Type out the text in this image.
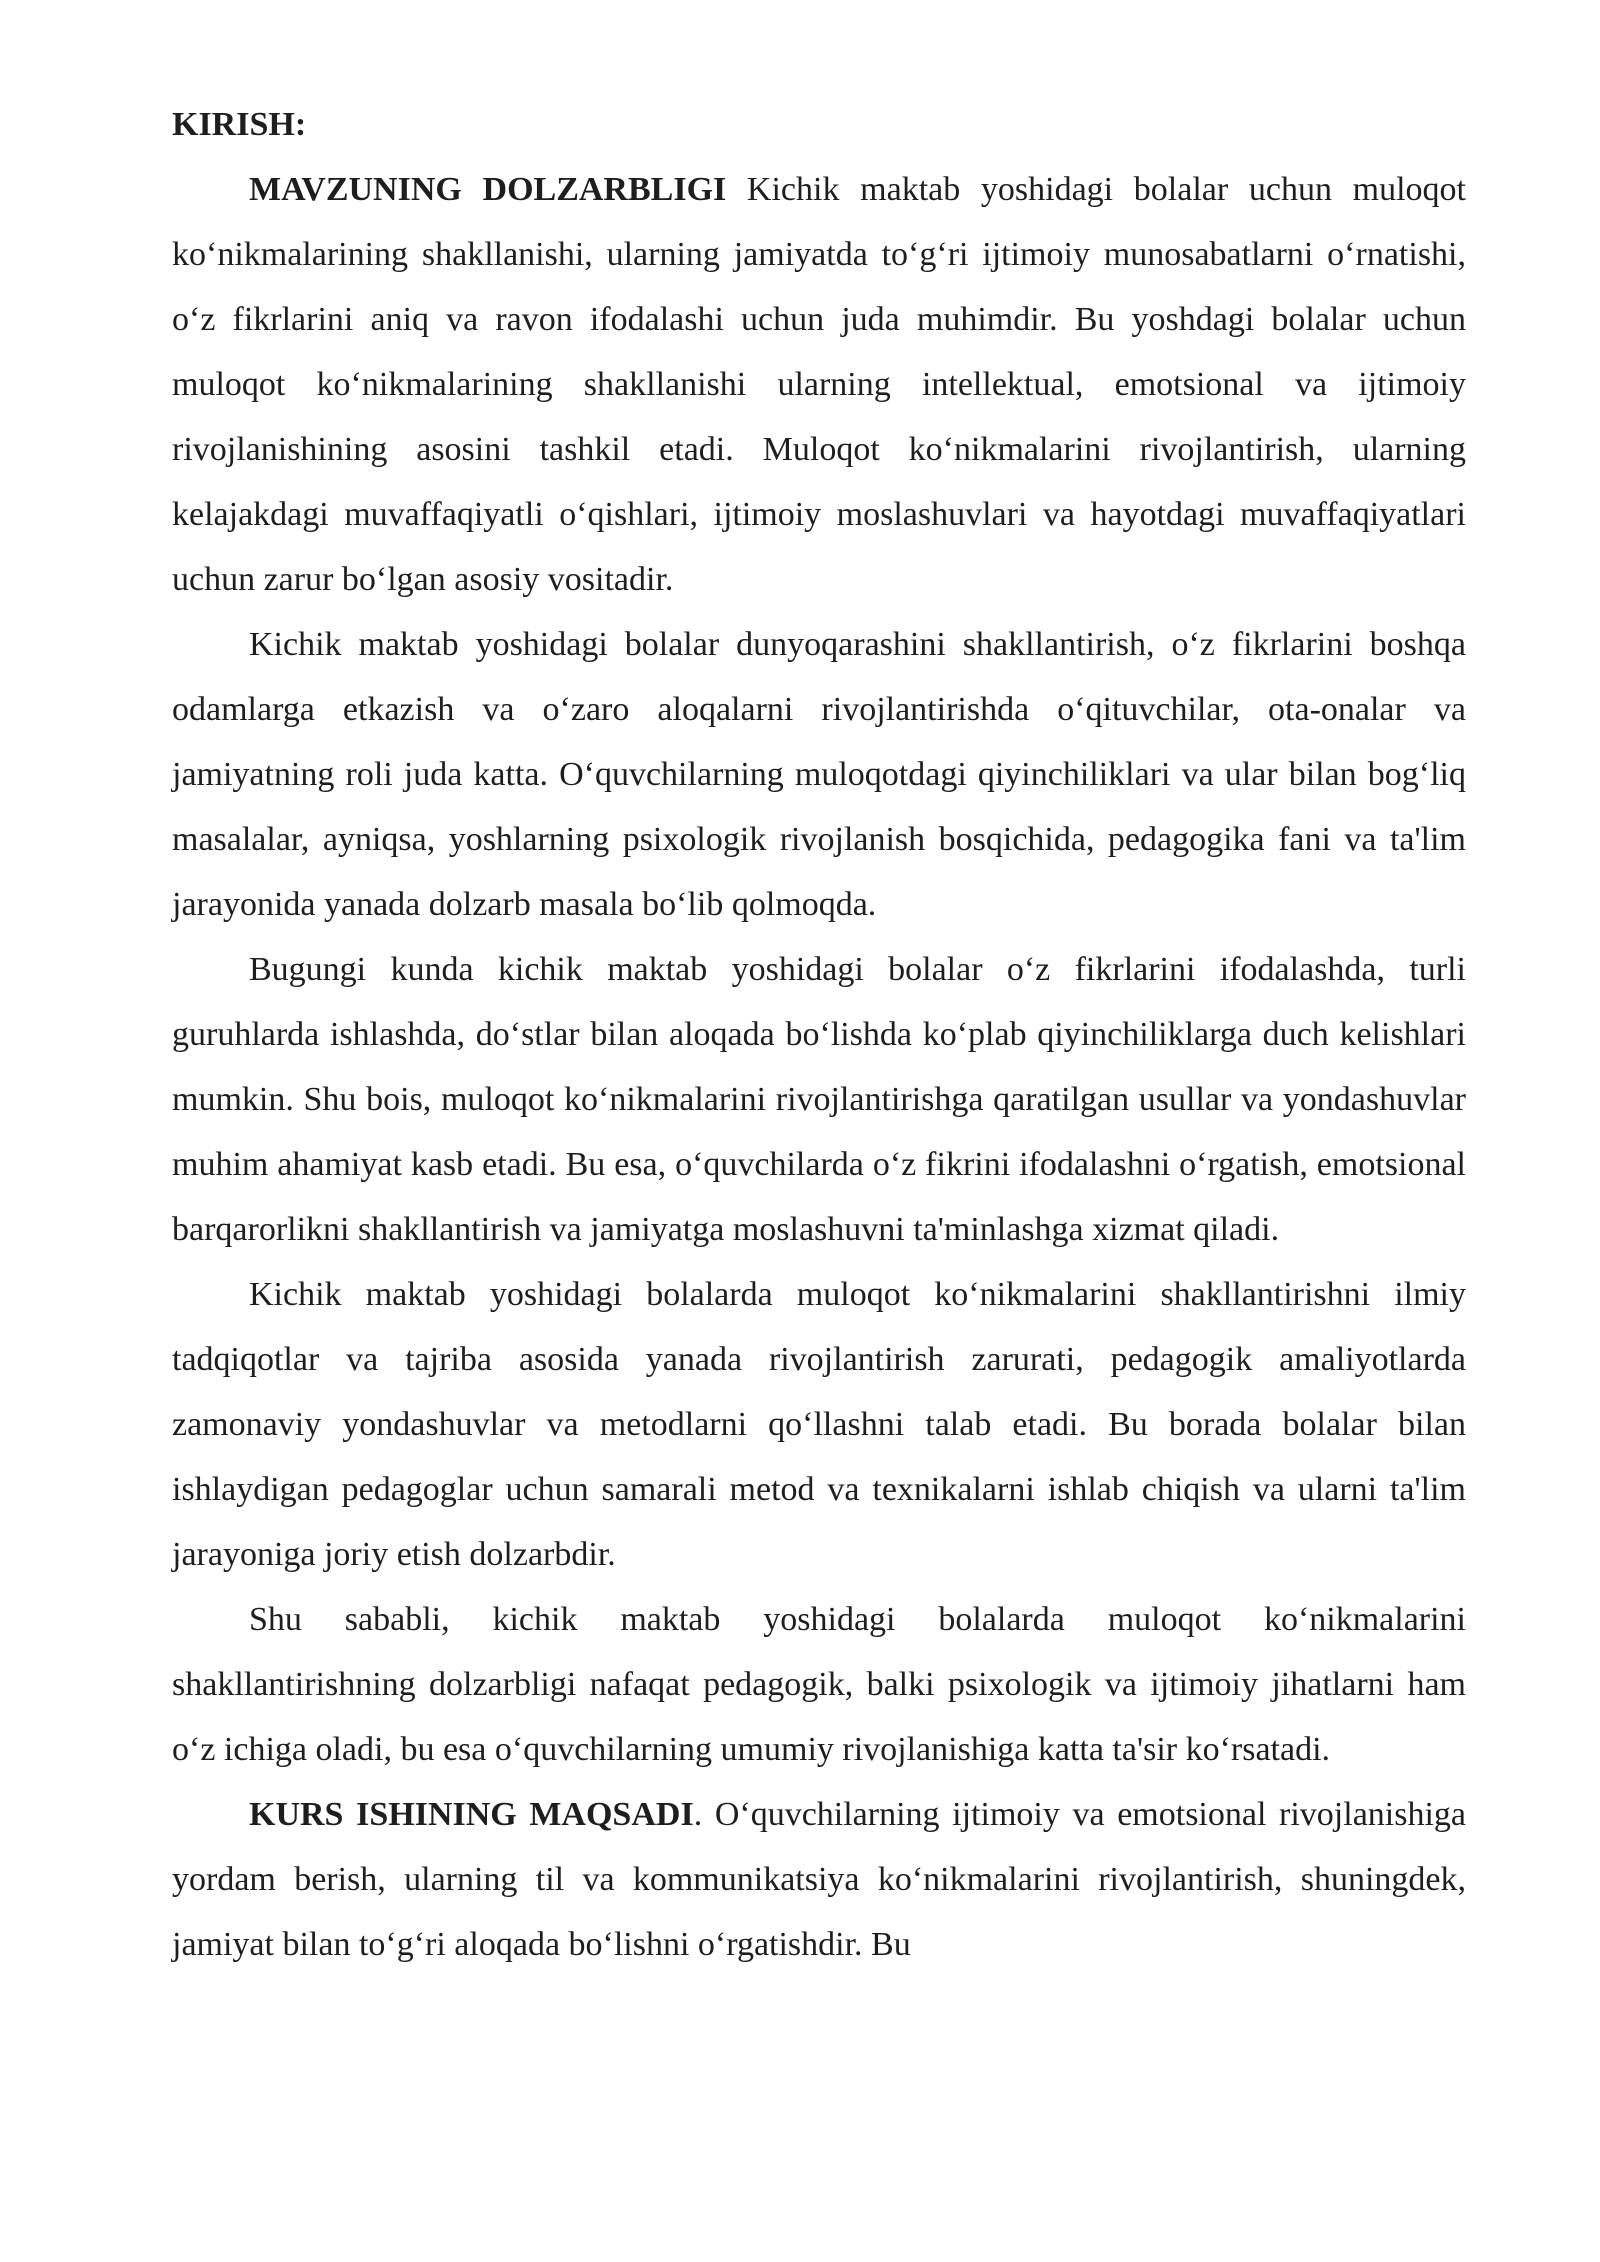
KIRISH:

MAVZUNING DOLZARBLIGI Kichik maktab yoshidagi bolalar uchun muloqot ko‘nikmalarining shakllanishi, ularning jamiyatda to‘g‘ri ijtimoiy munosabatlarni o‘rnatishi, o‘z fikrlarini aniq va ravon ifodalashi uchun juda muhimdir. Bu yoshdagi bolalar uchun muloqot ko‘nikmalarining shakllanishi ularning intellektual, emotsional va ijtimoiy rivojlanishining asosini tashkil etadi. Muloqot ko‘nikmalarini rivojlantirish, ularning kelajakdagi muvaffaqiyatli o‘qishlari, ijtimoiy moslashuvlari va hayotdagi muvaffaqiyatlari uchun zarur bo‘lgan asosiy vositadir.

Kichik maktab yoshidagi bolalar dunyoqarashini shakllantirish, o‘z fikrlarini boshqa odamlarga etkazish va o‘zaro aloqalarni rivojlantirishda o‘qituvchilar, ota-onalar va jamiyatning roli juda katta. O‘quvchilarning muloqotdagi qiyinchiliklari va ular bilan bog‘liq masalalar, ayniqsa, yoshlarning psixologik rivojlanish bosqichida, pedagogika fani va ta'lim jarayonida yanada dolzarb masala bo‘lib qolmoqda.

Bugungi kunda kichik maktab yoshidagi bolalar o‘z fikrlarini ifodalashda, turli guruhlarda ishlashda, do‘stlar bilan aloqada bo‘lishda ko‘plab qiyinchiliklarga duch kelishlari mumkin. Shu bois, muloqot ko‘nikmalarini rivojlantirishga qaratilgan usullar va yondashuvlar muhim ahamiyat kasb etadi. Bu esa, o‘quvchilarda o‘z fikrini ifodalashni o‘rgatish, emotsional barqarorlikni shakllantirish va jamiyatga moslashuvni ta'minlashga xizmat qiladi.

Kichik maktab yoshidagi bolalarda muloqot ko‘nikmalarini shakllantirishni ilmiy tadqiqotlar va tajriba asosida yanada rivojlantirish zarurati, pedagogik amaliyotlarda zamonaviy yondashuvlar va metodlarni qo‘llashni talab etadi. Bu borada bolalar bilan ishlaydigan pedagoglar uchun samarali metod va texnikalarni ishlab chiqish va ularni ta'lim jarayoniga joriy etish dolzarbdir.

Shu sababli, kichik maktab yoshidagi bolalarda muloqot ko‘nikmalarini shakllantirishning dolzarbligi nafaqat pedagogik, balki psixologik va ijtimoiy jihatlarni ham o‘z ichiga oladi, bu esa o‘quvchilarning umumiy rivojlanishiga katta ta'sir ko‘rsatadi.

KURS ISHINING MAQSADI. O‘quvchilarning ijtimoiy va emotsional rivojlanishiga yordam berish, ularning til va kommunikatsiya ko‘nikmalarini rivojlantirish, shuningdek, jamiyat bilan to‘g‘ri aloqada bo‘lishni o‘rgatishdir. Bu
